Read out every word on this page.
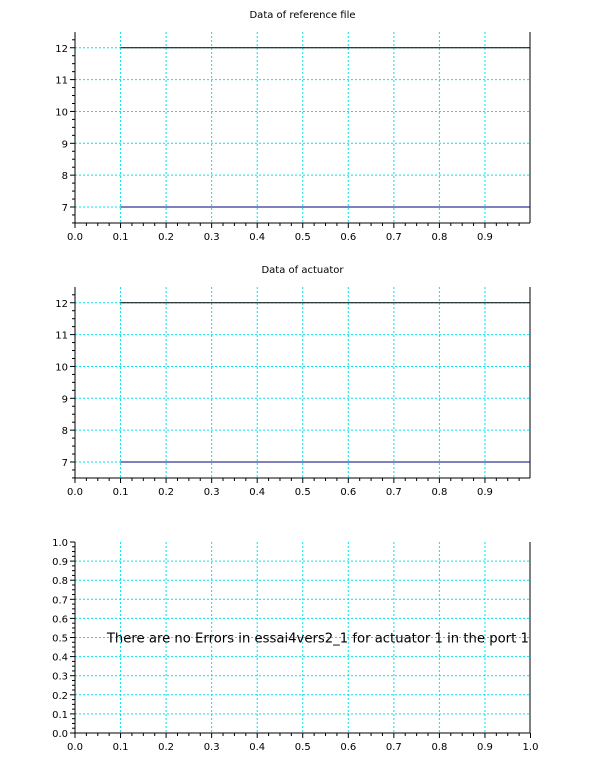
0.0	0.1	0.2	0.3	0.4	0.5	0.6	0.7	0.8	0.9
7
8
9
10
11
12
Data of reference file
0.0	0.1	0.2	0.3	0.4	0.5	0.6	0.7	0.8	0.9
7
8
9
10
11
12
Data of actuator
0.0	0.1	0.2	0.3	0.4	0.5	0.6	0.7	0.8	0.9	1.0
0.0
0.1
0.2
0.3
0.4
0.5
0.6
0.7
0.8
0.9
1.0
There are no Errors in essai4vers2_1 for actuator 1 in the port 1
